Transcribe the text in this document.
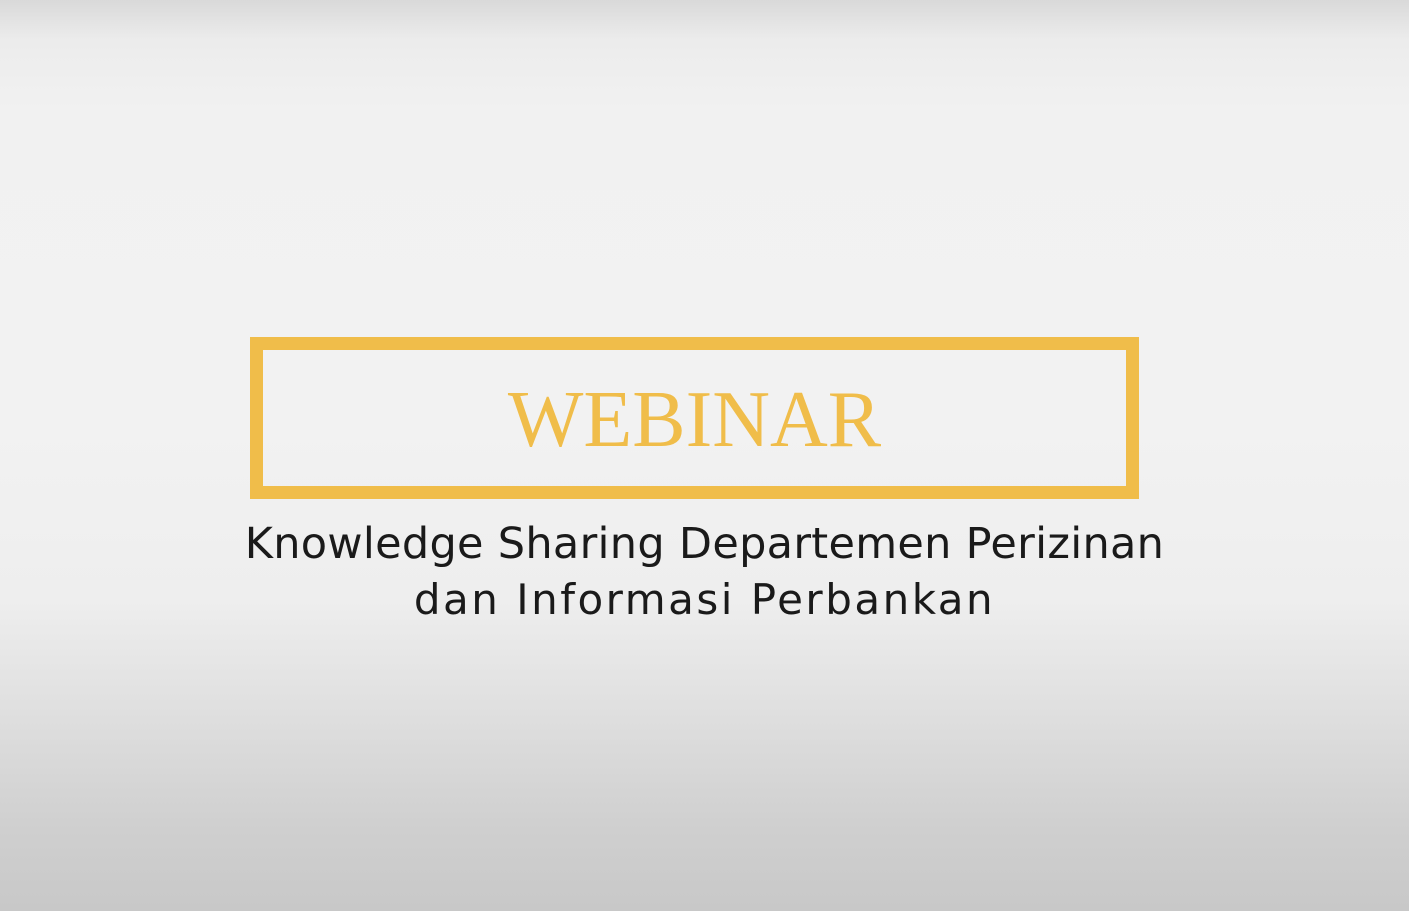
WEBINAR
Knowledge Sharing Departemen Perizinan
dan Informasi Perbankan
